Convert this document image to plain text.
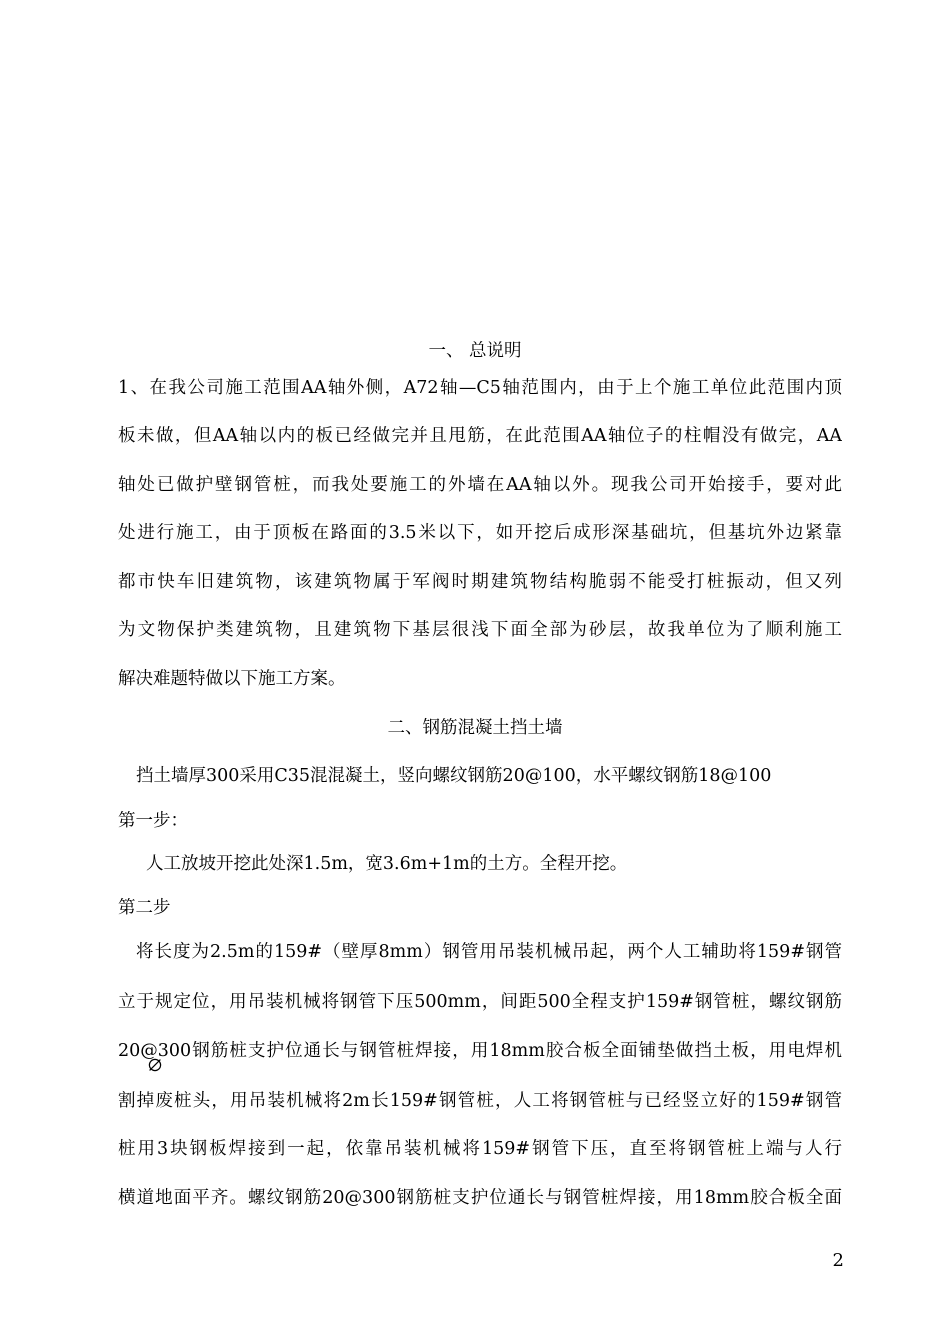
一、 总说明
1、在我公司施工范围AA轴外侧，A72轴—C5轴范围内，由于上个施工单位此范围内顶
板未做，但AA轴以内的板已经做完并且甩筋，在此范围AA轴位子的柱帽没有做完，AA
轴处已做护壁钢管桩，而我处要施工的外墙在AA轴以外。现我公司开始接手，要对此
处进行施工，由于顶板在路面的3.5米以下，如开挖后成形深基础坑，但基坑外边紧靠
都市快车旧建筑物，该建筑物属于军阀时期建筑物结构脆弱不能受打桩振动，但又列
为文物保护类建筑物，且建筑物下基层很浅下面全部为砂层，故我单位为了顺利施工
解决难题特做以下施工方案。
二、钢筋混凝土挡土墙
挡土墙厚300采用C35混混凝土，竖向螺纹钢筋20@100，水平螺纹钢筋18@100
第一步：
人工放坡开挖此处深1.5m，宽3.6m+1m的土方。全程开挖。
第二步
将长度为2.5m的159#（壁厚8mm）钢管用吊装机械吊起，两个人工辅助将159#钢管
立于规定位，用吊装机械将钢管下压500mm，间距500全程支护159#钢管桩，螺纹钢筋
20@300钢筋桩支护位通长与钢管桩焊接，用18mm胶合板全面铺垫做挡土板，用电焊机
割掉废桩头，用吊装机械将2m长159#钢管桩，人工将钢管桩与已经竖立好的159#钢管
桩用3块钢板焊接到一起，依靠吊装机械将159#钢管下压，直至将钢管桩上端与人行
横道地面平齐。螺纹钢筋20@300钢筋桩支护位通长与钢管桩焊接，用18mm胶合板全面
2
